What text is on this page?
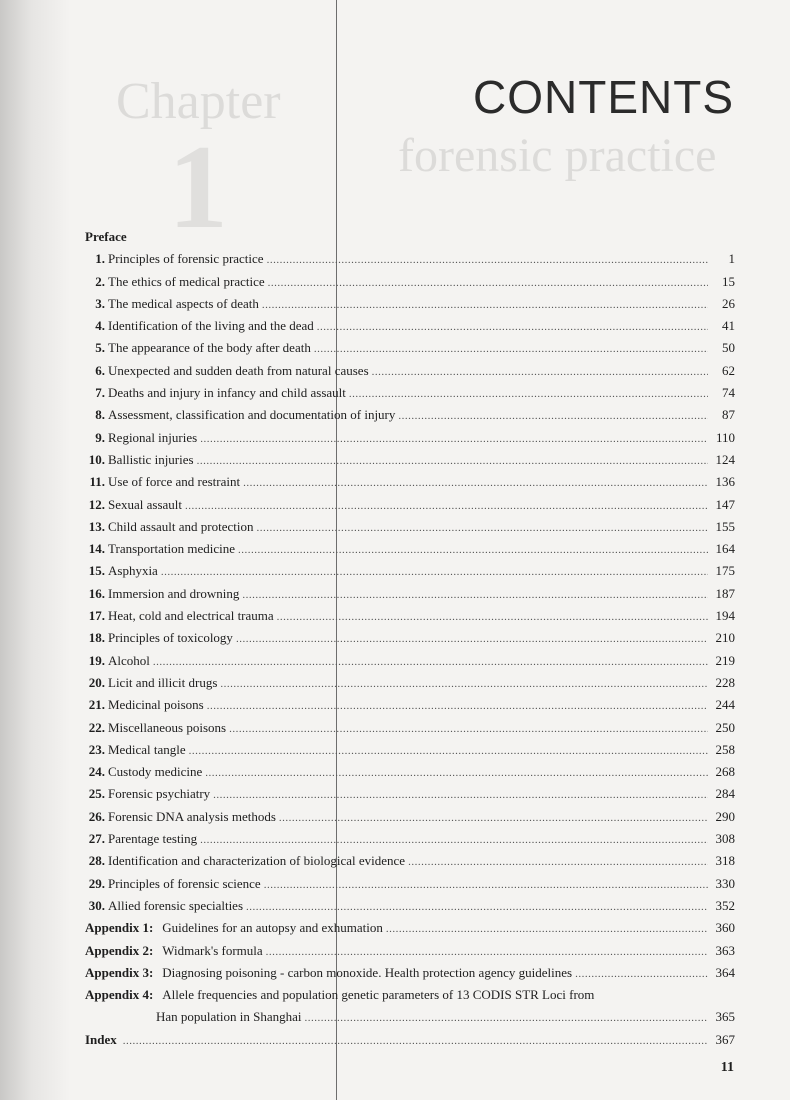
Chapter
1	forensic practice
CONTENTS
Preface
1. Principles of forensic practice .....	1
2. The ethics of medical practice .....	15
3. The medical aspects of death .....	26
4. Identification of the living and the dead .....	41
5. The appearance of the body after death .....	50
6. Unexpected and sudden death from natural causes .....	62
7. Deaths and injury in infancy and child assault .....	74
8. Assessment, classification and documentation of injury .....	87
9. Regional injuries .....	110
10. Ballistic injuries .....	124
11. Use of force and restraint .....	136
12. Sexual assault .....	147
13. Child assault and protection .....	155
14. Transportation medicine .....	164
15. Asphyxia .....	175
16. Immersion and drowning .....	187
17. Heat, cold and electrical trauma .....	194
18. Principles of toxicology .....	210
19. Alcohol .....	219
20. Licit and illicit drugs .....	228
21. Medicinal poisons .....	244
22. Miscellaneous poisons .....	250
23. Medical tangle .....	258
24. Custody medicine .....	268
25. Forensic psychiatry .....	284
26. Forensic DNA analysis methods .....	290
27. Parentage testing .....	308
28. Identification and characterization of biological evidence .....	318
29. Principles of forensic science .....	330
30. Allied forensic specialties .....	352
Appendix 1: Guidelines for an autopsy and exhumation .....	360
Appendix 2: Widmark's formula .....	363
Appendix 3: Diagnosing poisoning - carbon monoxide. Health protection agency guidelines .....	364
Appendix 4: Allele frequencies and population genetic parameters of 13 CODIS STR Loci from
Han population in Shanghai .....	365
Index .....	367
11
